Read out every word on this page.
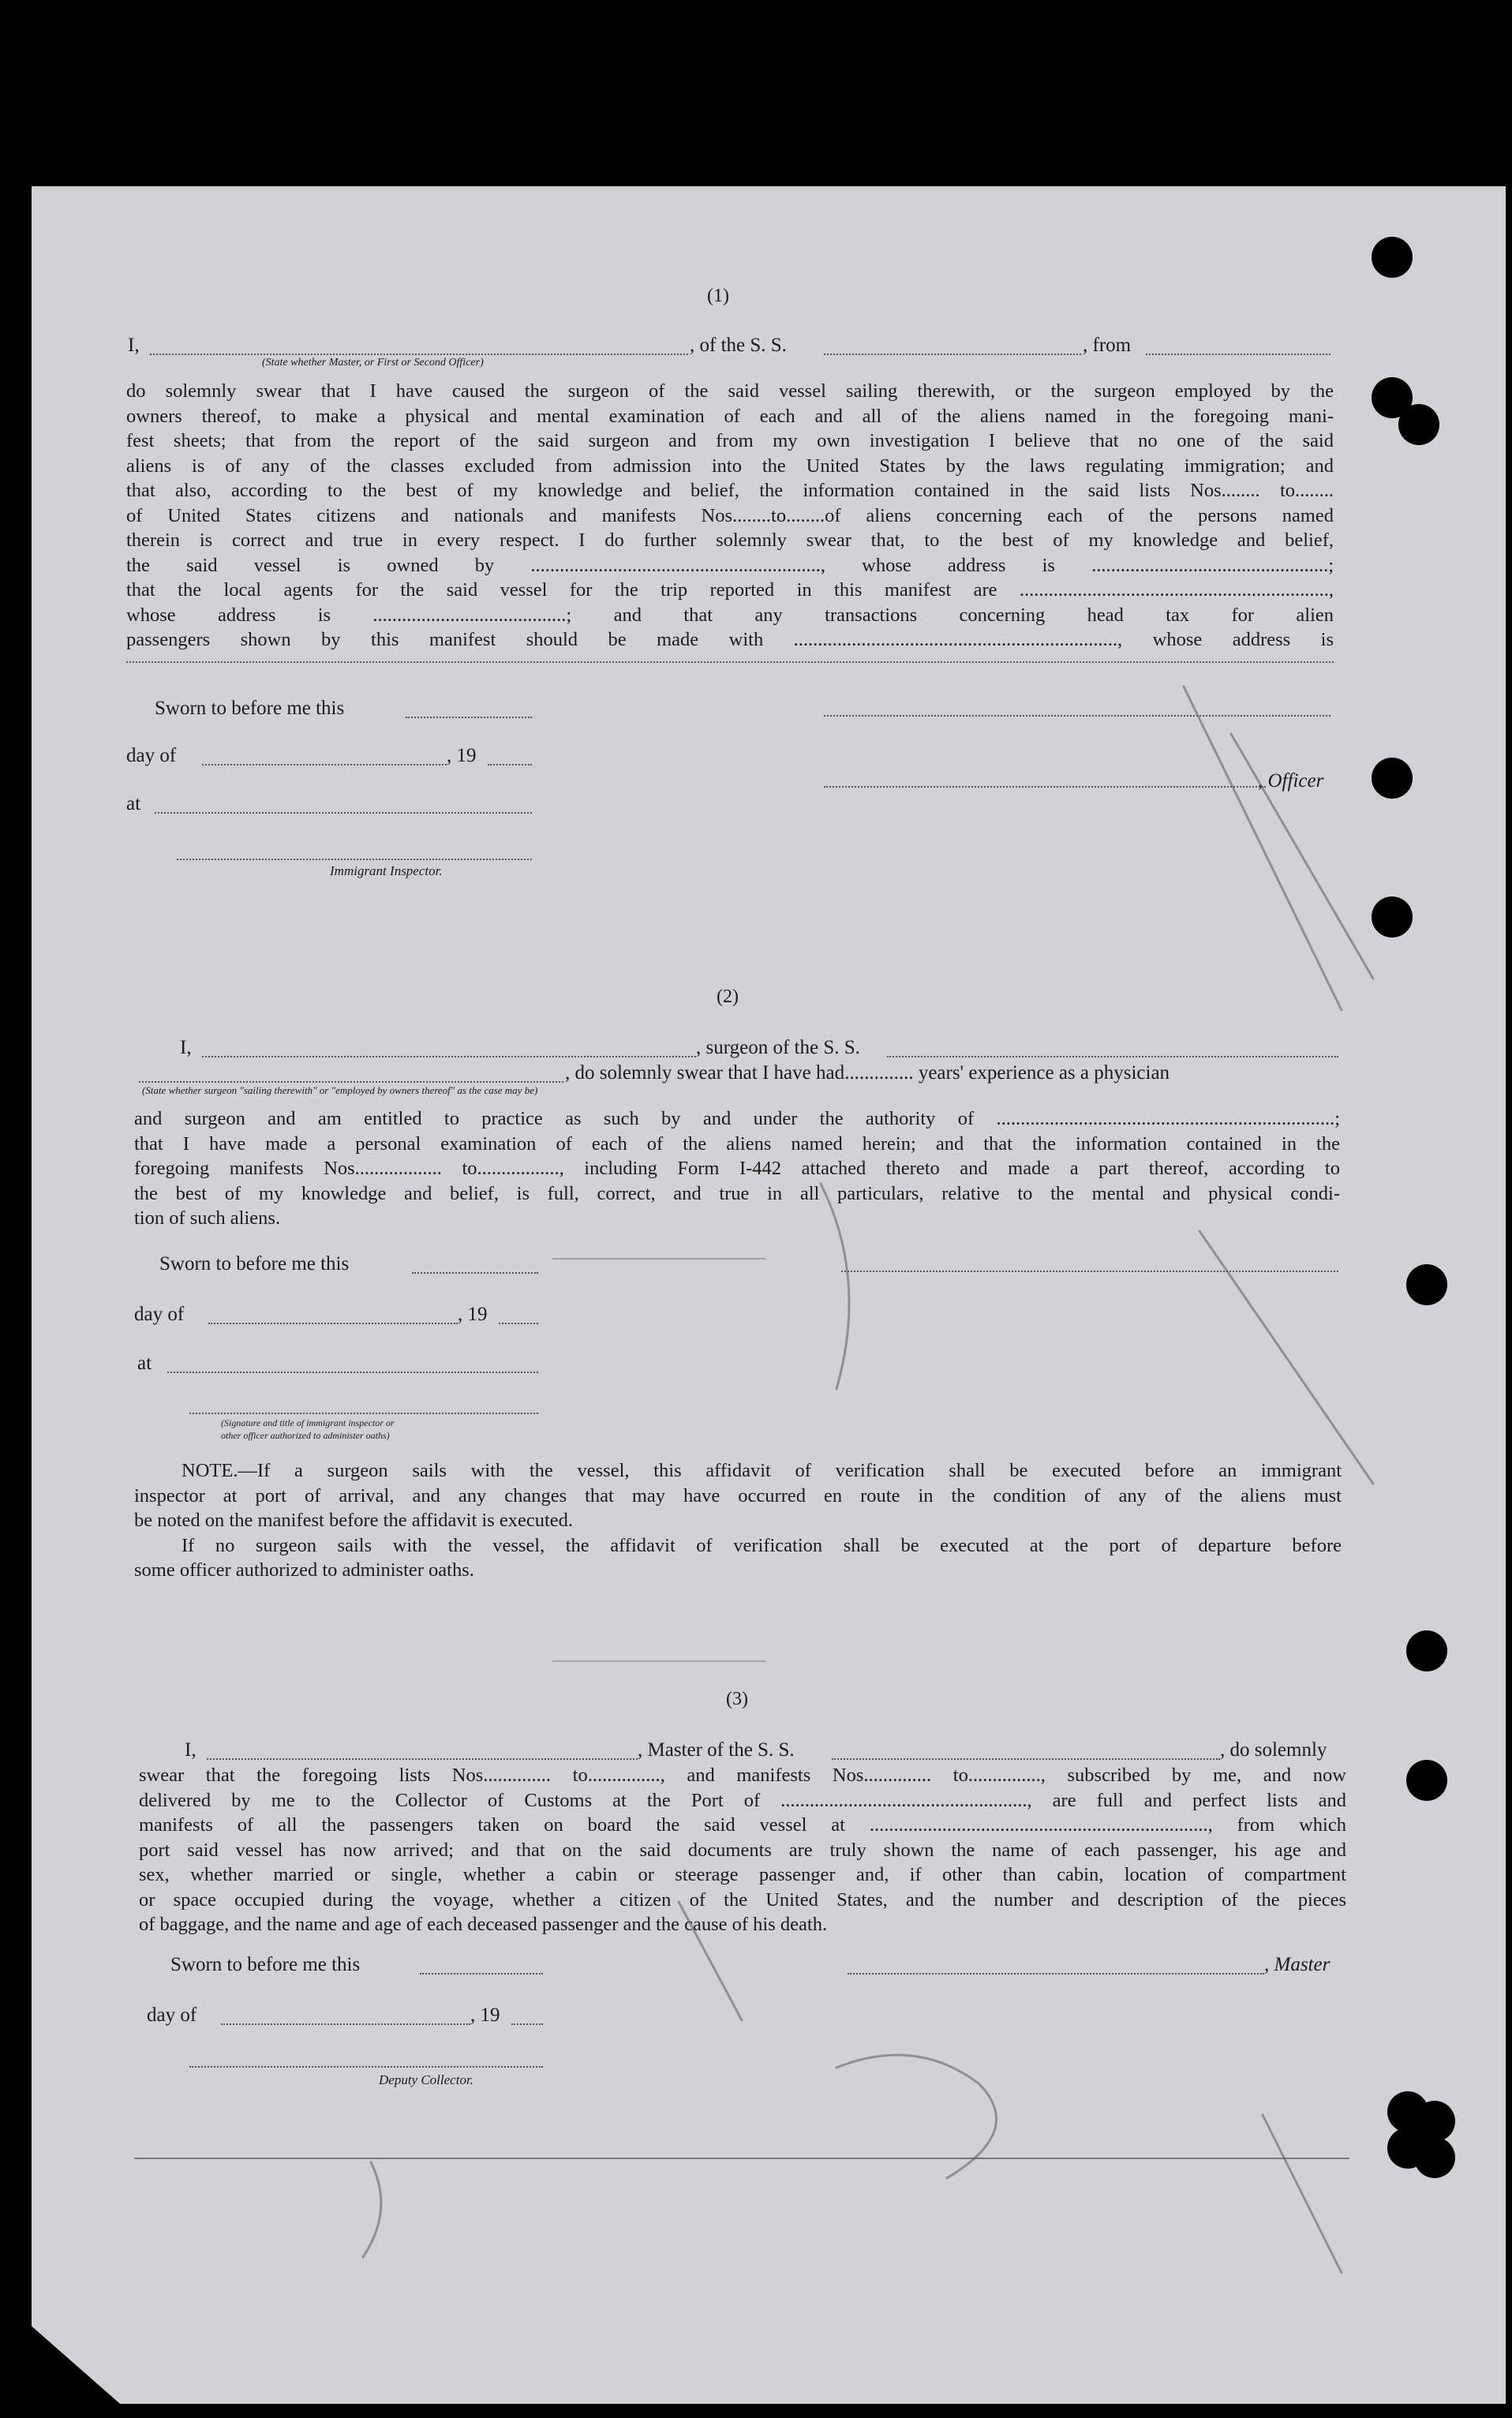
───────────────
───────────────
(1)
I,	, of the S. S.	, from
(State whether Master, or First or Second Officer)
do solemnly swear that I have caused the surgeon of the said vessel sailing therewith, or the surgeon employed by the
owners thereof, to make a physical and mental examination of each and all of the aliens named in the foregoing mani-
fest sheets; that from the report of the said surgeon and from my own investigation I believe that no one of the said
aliens is of any of the classes excluded from admission into the United States by the laws regulating immigration; and
that also, according to the best of my knowledge and belief, the information contained in the said lists Nos........ to........
of United States citizens and nationals and manifests Nos........to........of aliens concerning each of the persons named
therein is correct and true in every respect. I do further solemnly swear that, to the best of my knowledge and belief,
the said vessel is owned by ............................................................, whose address is .................................................;
that the local agents for the said vessel for the trip reported in this manifest are ................................................................,
whose address is ........................................; and that any transactions concerning head tax for alien
passengers shown by this manifest should be made with ..................................................................., whose address is
Sworn to before me this
day of	, 19
at
Immigrant Inspector.
, Officer
(2)
I,	, surgeon of the S. S.
, do solemnly swear that I have had.............. years' experience as a physician
(State whether surgeon "sailing therewith" or "employed by owners thereof" as the case may be)
and surgeon and am entitled to practice as such by and under the authority of ......................................................................;
that I have made a personal examination of each of the aliens named herein; and that the information contained in the
foregoing manifests Nos.................. to................., including Form I-442 attached thereto and made a part thereof, according to
the best of my knowledge and belief, is full, correct, and true in all particulars, relative to the mental and physical condi-
tion of such aliens.
Sworn to before me this
day of	, 19
at
(Signature and title of immigrant inspector or
other officer authorized to administer oaths)
NOTE.—If a surgeon sails with the vessel, this affidavit of verification shall be executed before an immigrant
inspector at port of arrival, and any changes that may have occurred en route in the condition of any of the aliens must
be noted on the manifest before the affidavit is executed.
If no surgeon sails with the vessel, the affidavit of verification shall be executed at the port of departure before
some officer authorized to administer oaths.
(3)
I,	, Master of the S. S.	, do solemnly
swear that the foregoing lists Nos.............. to..............., and manifests Nos.............. to..............., subscribed by me, and now
delivered by me to the Collector of Customs at the Port of ..................................................., are full and perfect lists and
manifests of all the passengers taken on board the said vessel at ......................................................................, from which
port said vessel has now arrived; and that on the said documents are truly shown the name of each passenger, his age and
sex, whether married or single, whether a cabin or steerage passenger and, if other than cabin, location of compartment
or space occupied during the voyage, whether a citizen of the United States, and the number and description of the pieces
of baggage, and the name and age of each deceased passenger and the cause of his death.
Sworn to before me this
day of	, 19
Deputy Collector.
, Master
